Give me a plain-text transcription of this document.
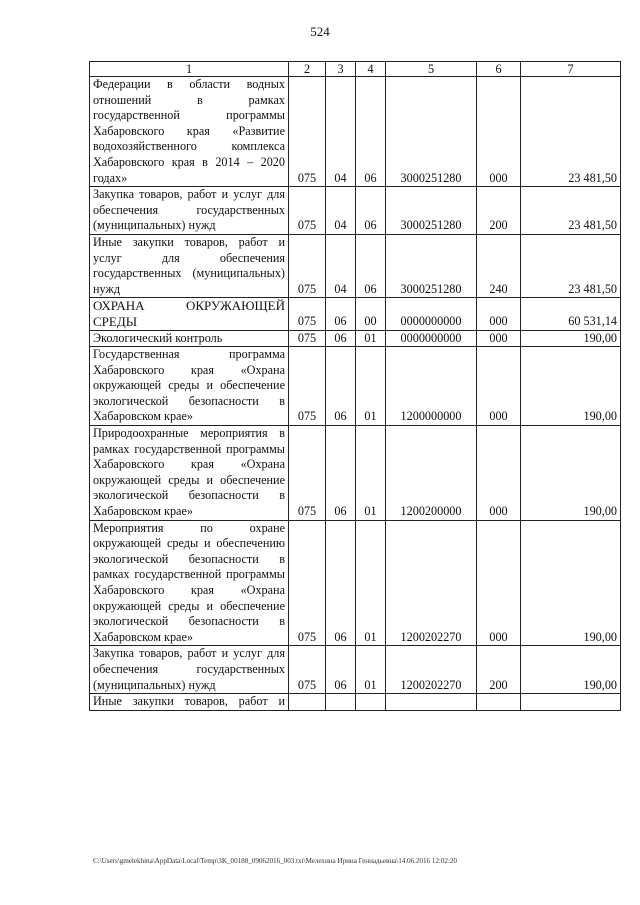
524
1	2	3	4	5	6	7
Федерации в области водных отношений в рамках государственной программы Хабаровского края «Развитие водохозяйственного комплекса Хабаровского края в 2014 – 2020 годах»	075	04	06	3000251280	000	23 481,50
Закупка товаров, работ и услуг для обеспечения государственных (муниципальных) нужд	075	04	06	3000251280	200	23 481,50
Иные закупки товаров, работ и услуг для обеспечения государственных (муниципальных) нужд	075	04	06	3000251280	240	23 481,50
ОХРАНА ОКРУЖАЮЩЕЙ СРЕДЫ	075	06	00	0000000000	000	60 531,14
Экологический контроль	075	06	01	0000000000	000	190,00
Государственная программа Хабаровского края «Охрана окружающей среды и обеспечение экологической безопасности в Хабаровском крае»	075	06	01	1200000000	000	190,00
Природоохранные мероприятия в рамках государственной программы Хабаровского края «Охрана окружающей среды и обеспечение экологической безопасности в Хабаровском крае»	075	06	01	1200200000	000	190,00
Мероприятия по охране окружающей среды и обеспечению экологической безопасности в рамках государственной программы Хабаровского края «Охрана окружающей среды и обеспечение экологической безопасности в Хабаровском крае»	075	06	01	1200202270	000	190,00
Закупка товаров, работ и услуг для обеспечения государственных (муниципальных) нужд	075	06	01	1200202270	200	190,00
Иные закупки товаров, работ и						
C:\Users\gmelekhina\AppData\Local\Temp\3K_00188_09062016_003.txt\Мелехина Ирина Геннадьевна\14.06.2016 12:02:20
